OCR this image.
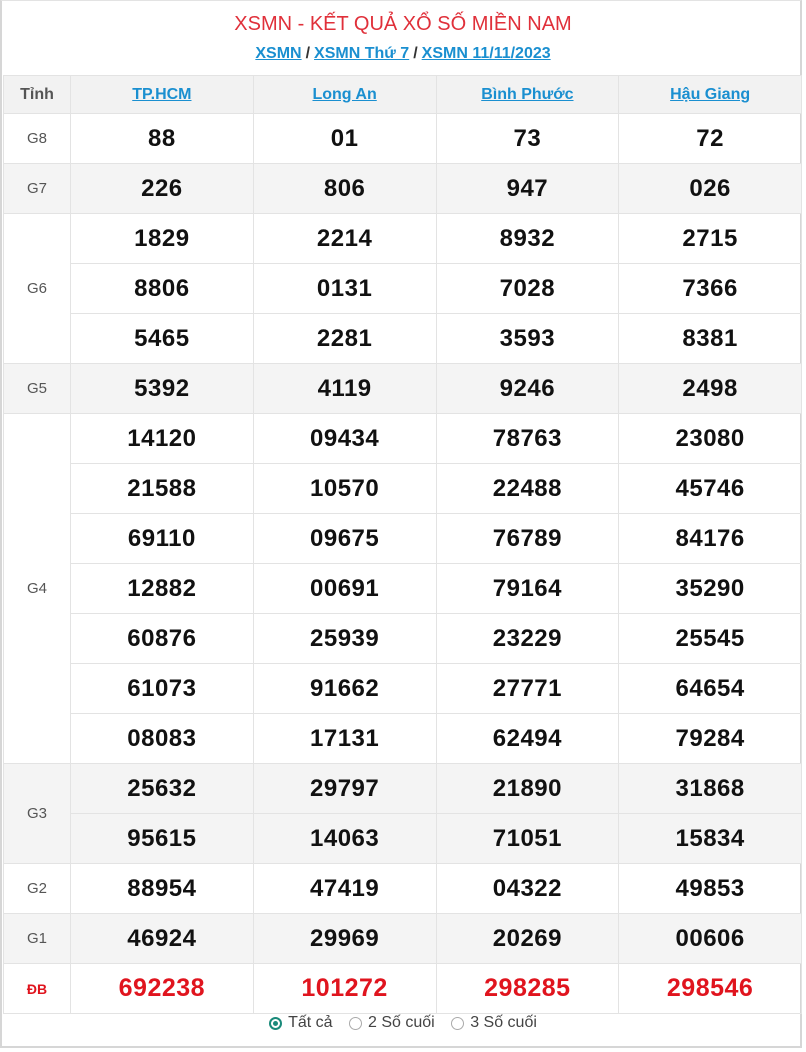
XSMN - KẾT QUẢ XỔ SỐ MIỀN NAM
XSMN / XSMN Thứ 7 / XSMN 11/11/2023
Tỉnh	TP.HCM	Long An	Bình Phước	Hậu Giang
G8	88	01	73	72
G7	226	806	947	026
G6	1829	2214	8932	2715
	8806	0131	7028	7366
	5465	2281	3593	8381
G5	5392	4119	9246	2498
G4	14120	09434	78763	23080
	21588	10570	22488	45746
	69110	09675	76789	84176
	12882	00691	79164	35290
	60876	25939	23229	25545
	61073	91662	27771	64654
	08083	17131	62494	79284
G3	25632	29797	21890	31868
	95615	14063	71051	15834
G2	88954	47419	04322	49853
G1	46924	29969	20269	00606
ĐB	692238	101272	298285	298546
Tất cả
2 Số cuối
3 Số cuối
